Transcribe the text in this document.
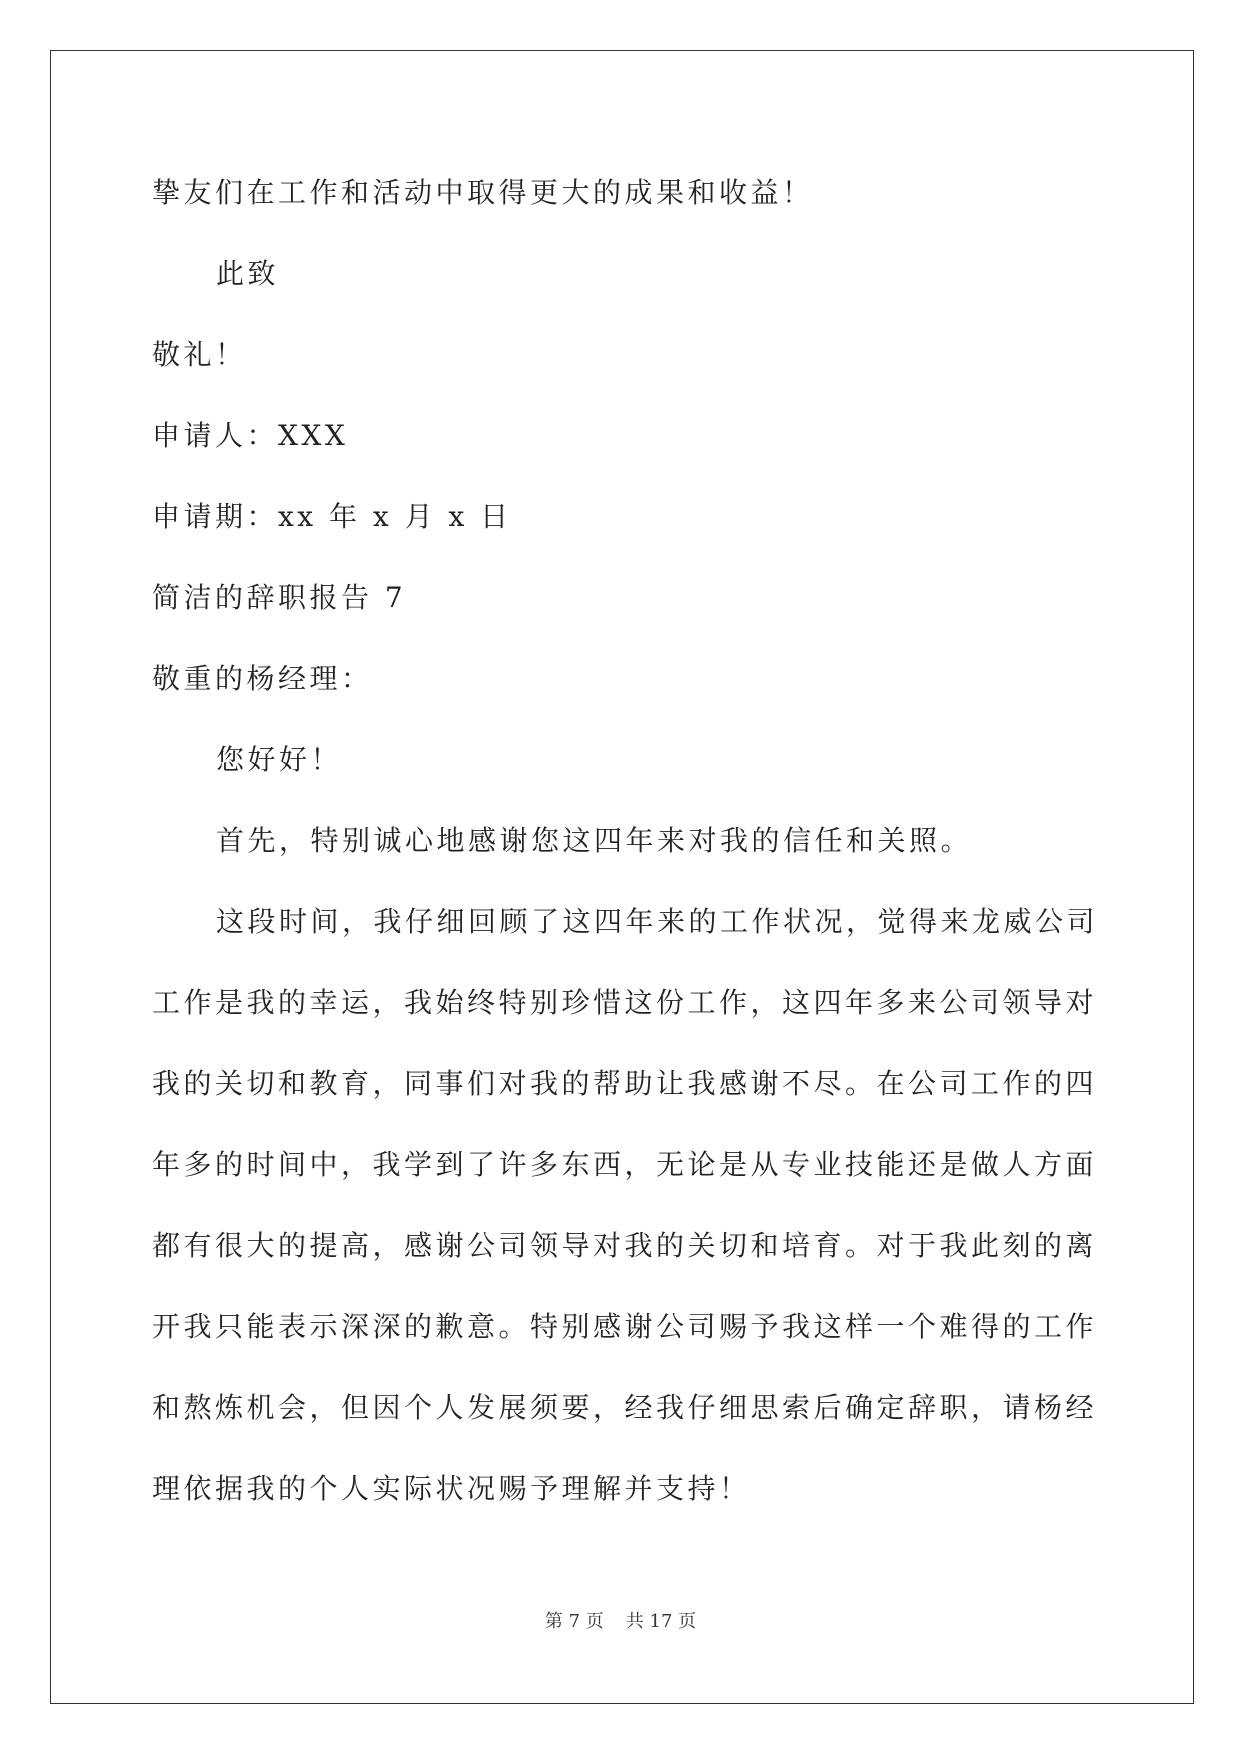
挚友们在工作和活动中取得更大的成果和收益！
此致
敬礼！
申请人：XXX
申请期：xx 年 x 月 x 日
简洁的辞职报告 7
敬重的杨经理：
您好好！
首先，特别诚心地感谢您这四年来对我的信任和关照。
这段时间，我仔细回顾了这四年来的工作状况，觉得来龙威公司
工作是我的幸运，我始终特别珍惜这份工作，这四年多来公司领导对
我的关切和教育，同事们对我的帮助让我感谢不尽。在公司工作的四
年多的时间中，我学到了许多东西，无论是从专业技能还是做人方面
都有很大的提高，感谢公司领导对我的关切和培育。对于我此刻的离
开我只能表示深深的歉意。特别感谢公司赐予我这样一个难得的工作
和熬炼机会，但因个人发展须要，经我仔细思索后确定辞职，请杨经
理依据我的个人实际状况赐予理解并支持！
第 7 页 共 17 页
